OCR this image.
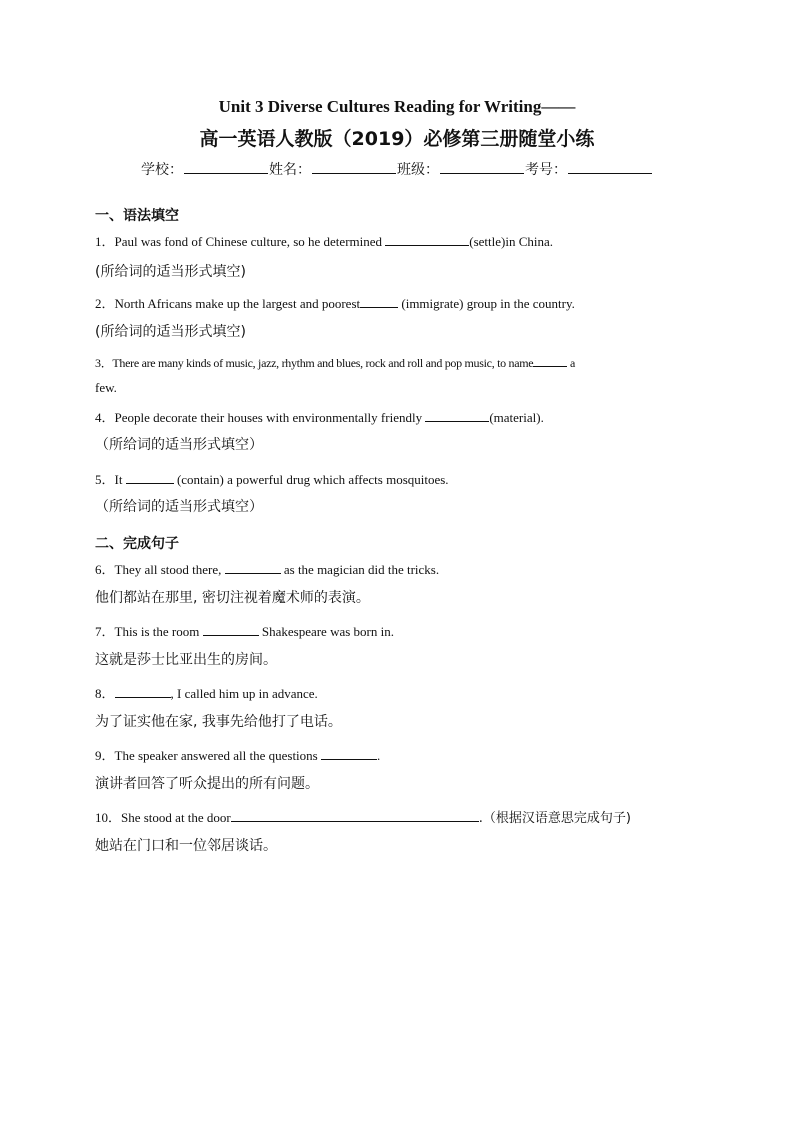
Unit 3 Diverse Cultures Reading for Writing——
高一英语人教版（2019）必修第三册随堂小练
学校：	姓名：	班级：	考号：
一、语法填空
1．Paul was fond of Chinese culture, so he determined	(settle)in China.
(所给词的适当形式填空)
2．North Africans make up the largest and poorest	(immigrate) group in the country.
(所给词的适当形式填空)
3．There are many kinds of music, jazz, rhythm and blues, rock and roll and pop music, to name	a
few.
4．People decorate their houses with environmentally friendly	(material).
（所给词的适当形式填空）
5．It	(contain) a powerful drug which affects mosquitoes.
（所给词的适当形式填空）
二、完成句子
6．They all stood there,	as the magician did the tricks.
他们都站在那里, 密切注视着魔术师的表演。
7．This is the room	Shakespeare was born in.
这就是莎士比亚出生的房间。
8．	, I called him up in advance.
为了证实他在家, 我事先给他打了电话。
9．The speaker answered all the questions	.
演讲者回答了听众提出的所有问题。
10．She stood at the door	.（根据汉语意思完成句子)
她站在门口和一位邻居谈话。
